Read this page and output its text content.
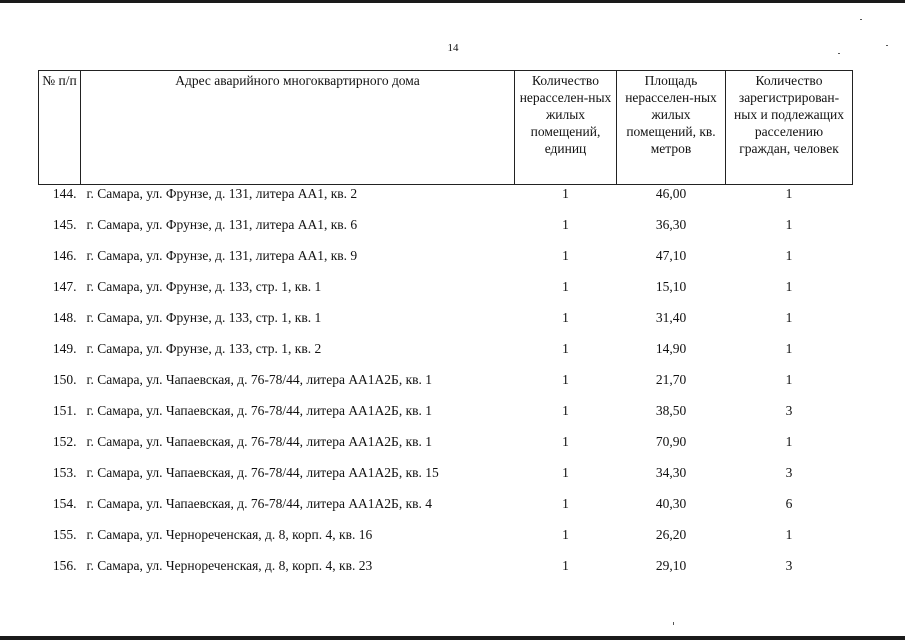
14
№ п/п	Адрес аварийного многоквартирного дома	Количество нерасселен-ных жилых помещений, единиц	Площадь нерасселен-ных жилых помещений, кв. метров	Количество зарегистрирован-ных и подлежащих расселению граждан, человек
144.	г. Самара, ул. Фрунзе, д. 131, литера АА1, кв. 2	1	46,00	1
145.	г. Самара, ул. Фрунзе, д. 131, литера АА1, кв. 6	1	36,30	1
146.	г. Самара, ул. Фрунзе, д. 131, литера АА1, кв. 9	1	47,10	1
147.	г. Самара, ул. Фрунзе, д. 133, стр. 1, кв. 1	1	15,10	1
148.	г. Самара, ул. Фрунзе, д. 133, стр. 1, кв. 1	1	31,40	1
149.	г. Самара, ул. Фрунзе, д. 133, стр. 1, кв. 2	1	14,90	1
150.	г. Самара, ул. Чапаевская, д. 76-78/44, литера АА1А2Б, кв. 1	1	21,70	1
151.	г. Самара, ул. Чапаевская, д. 76-78/44, литера АА1А2Б, кв. 1	1	38,50	3
152.	г. Самара, ул. Чапаевская, д. 76-78/44, литера АА1А2Б, кв. 1	1	70,90	1
153.	г. Самара, ул. Чапаевская, д. 76-78/44, литера АА1А2Б, кв. 15	1	34,30	3
154.	г. Самара, ул. Чапаевская, д. 76-78/44, литера АА1А2Б, кв. 4	1	40,30	6
155.	г. Самара, ул. Чернореченская, д. 8, корп. 4, кв. 16	1	26,20	1
156.	г. Самара, ул. Чернореченская, д. 8, корп. 4, кв. 23	1	29,10	3
